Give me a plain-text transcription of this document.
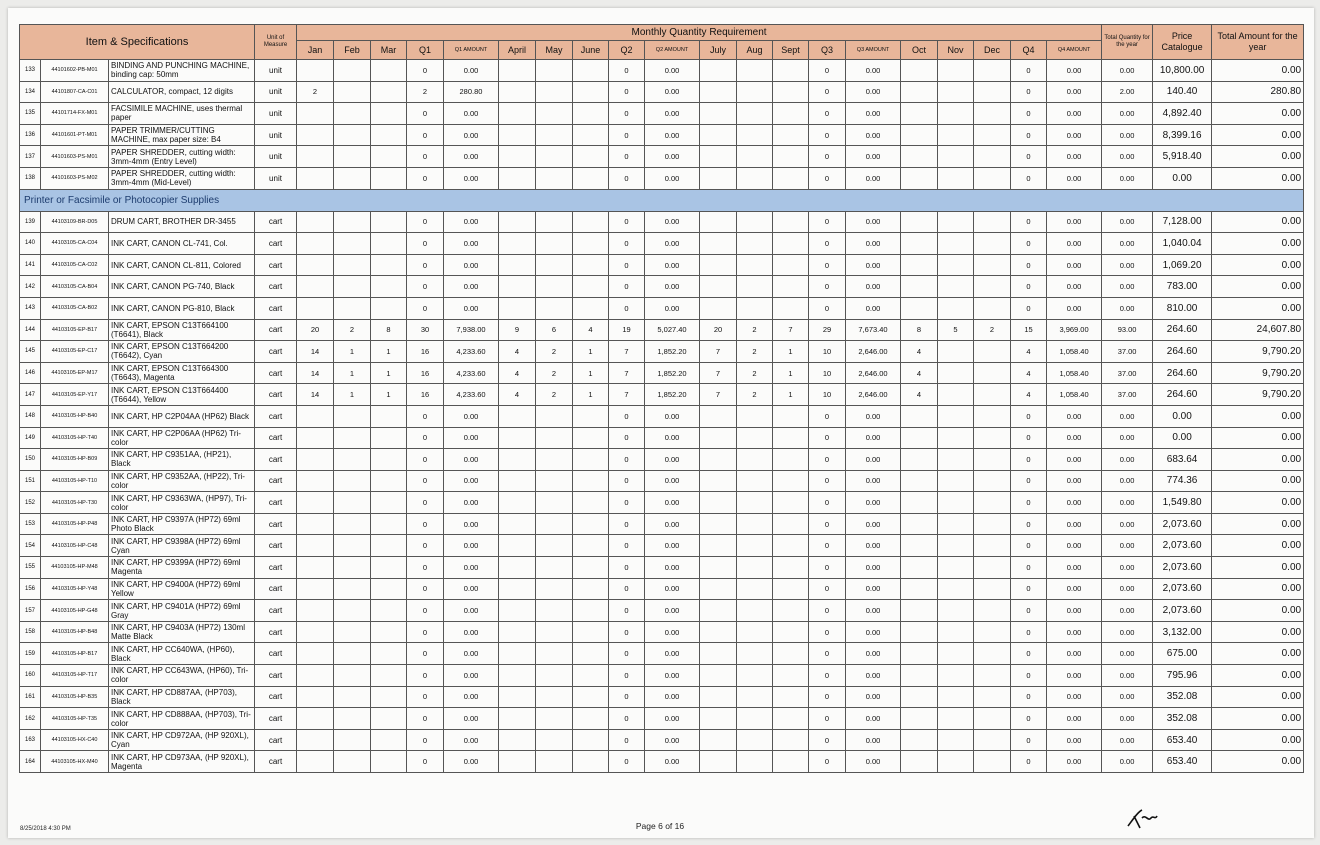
Item & Specifications			Unit of Measure	Monthly Quantity Requirement																				Total Quantity for the year	Price Catalogue	Total Amount for the year
				Jan	Feb	Mar	Q1	Q1 AMOUNT	April	May	June	Q2	Q2 AMOUNT	July	Aug	Sept	Q3	Q3 AMOUNT	Oct	Nov	Dec	Q4	Q4 AMOUNT			
133	44101602-PB-M01	BINDING AND PUNCHING MACHINE, binding cap: 50mm	unit				0	0.00				0	0.00				0	0.00				0	0.00	0.00	10,800.00	0.00
134	44101807-CA-C01	CALCULATOR, compact, 12 digits	unit	2			2	280.80				0	0.00				0	0.00				0	0.00	2.00	140.40	280.80
135	44101714-FX-M01	FACSIMILE MACHINE, uses thermal paper	unit				0	0.00				0	0.00				0	0.00				0	0.00	0.00	4,892.40	0.00
136	44101601-PT-M01	PAPER TRIMMER/CUTTING MACHINE, max paper size: B4	unit				0	0.00				0	0.00				0	0.00				0	0.00	0.00	8,399.16	0.00
137	44101603-PS-M01	PAPER SHREDDER, cutting width: 3mm-4mm (Entry Level)	unit				0	0.00				0	0.00				0	0.00				0	0.00	0.00	5,918.40	0.00
138	44101603-PS-M02	PAPER SHREDDER, cutting width: 3mm-4mm (Mid-Level)	unit				0	0.00				0	0.00				0	0.00				0	0.00	0.00	0.00	0.00
Printer or Facsimile or Photocopier Supplies																										
139	44103109-BR-D05	DRUM CART, BROTHER DR-3455	cart				0	0.00				0	0.00				0	0.00				0	0.00	0.00	7,128.00	0.00
140	44103105-CA-C04	INK CART, CANON CL-741, Col.	cart				0	0.00				0	0.00				0	0.00				0	0.00	0.00	1,040.04	0.00
141	44103105-CA-C02	INK CART, CANON CL-811, Colored	cart				0	0.00				0	0.00				0	0.00				0	0.00	0.00	1,069.20	0.00
142	44103105-CA-B04	INK CART, CANON PG-740, Black	cart				0	0.00				0	0.00				0	0.00				0	0.00	0.00	783.00	0.00
143	44103105-CA-B02	INK CART, CANON PG-810, Black	cart				0	0.00				0	0.00				0	0.00				0	0.00	0.00	810.00	0.00
144	44103105-EP-B17	INK CART, EPSON C13T664100 (T6641), Black	cart	20	2	8	30	7,938.00	9	6	4	19	5,027.40	20	2	7	29	7,673.40	8	5	2	15	3,969.00	93.00	264.60	24,607.80
145	44103105-EP-C17	INK CART, EPSON C13T664200 (T6642), Cyan	cart	14	1	1	16	4,233.60	4	2	1	7	1,852.20	7	2	1	10	2,646.00	4			4	1,058.40	37.00	264.60	9,790.20
146	44103105-EP-M17	INK CART, EPSON C13T664300 (T6643), Magenta	cart	14	1	1	16	4,233.60	4	2	1	7	1,852.20	7	2	1	10	2,646.00	4			4	1,058.40	37.00	264.60	9,790.20
147	44103105-EP-Y17	INK CART, EPSON C13T664400 (T6644), Yellow	cart	14	1	1	16	4,233.60	4	2	1	7	1,852.20	7	2	1	10	2,646.00	4			4	1,058.40	37.00	264.60	9,790.20
148	44103105-HP-B40	INK CART, HP C2P04AA (HP62) Black	cart				0	0.00				0	0.00				0	0.00				0	0.00	0.00	0.00	0.00
149	44103105-HP-T40	INK CART, HP C2P06AA (HP62) Tri-color	cart				0	0.00				0	0.00				0	0.00				0	0.00	0.00	0.00	0.00
150	44103105-HP-B09	INK CART, HP C9351AA, (HP21), Black	cart				0	0.00				0	0.00				0	0.00				0	0.00	0.00	683.64	0.00
151	44103105-HP-T10	INK CART, HP C9352AA, (HP22), Tri-color	cart				0	0.00				0	0.00				0	0.00				0	0.00	0.00	774.36	0.00
152	44103105-HP-T30	INK CART, HP C9363WA, (HP97), Tri-color	cart				0	0.00				0	0.00				0	0.00				0	0.00	0.00	1,549.80	0.00
153	44103105-HP-P48	INK CART, HP C9397A (HP72) 69ml Photo Black	cart				0	0.00				0	0.00				0	0.00				0	0.00	0.00	2,073.60	0.00
154	44103105-HP-C48	INK CART, HP C9398A (HP72) 69ml Cyan	cart				0	0.00				0	0.00				0	0.00				0	0.00	0.00	2,073.60	0.00
155	44103105-HP-M48	INK CART, HP C9399A (HP72) 69ml Magenta	cart				0	0.00				0	0.00				0	0.00				0	0.00	0.00	2,073.60	0.00
156	44103105-HP-Y48	INK CART, HP C9400A (HP72) 69ml Yellow	cart				0	0.00				0	0.00				0	0.00				0	0.00	0.00	2,073.60	0.00
157	44103105-HP-G48	INK CART, HP C9401A (HP72) 69ml Gray	cart				0	0.00				0	0.00				0	0.00				0	0.00	0.00	2,073.60	0.00
158	44103105-HP-B48	INK CART, HP C9403A (HP72) 130ml Matte Black	cart				0	0.00				0	0.00				0	0.00				0	0.00	0.00	3,132.00	0.00
159	44103105-HP-B17	INK CART, HP CC640WA, (HP60), Black	cart				0	0.00				0	0.00				0	0.00				0	0.00	0.00	675.00	0.00
160	44103105-HP-T17	INK CART, HP CC643WA, (HP60), Tri-color	cart				0	0.00				0	0.00				0	0.00				0	0.00	0.00	795.96	0.00
161	44103105-HP-B35	INK CART, HP CD887AA, (HP703), Black	cart				0	0.00				0	0.00				0	0.00				0	0.00	0.00	352.08	0.00
162	44103105-HP-T35	INK CART, HP CD888AA, (HP703), Tri-color	cart				0	0.00				0	0.00				0	0.00				0	0.00	0.00	352.08	0.00
163	44103105-HX-C40	INK CART, HP CD972AA, (HP 920XL), Cyan	cart				0	0.00				0	0.00				0	0.00				0	0.00	0.00	653.40	0.00
164	44103105-HX-M40	INK CART, HP CD973AA, (HP 920XL), Magenta	cart				0	0.00				0	0.00				0	0.00				0	0.00	0.00	653.40	0.00
8/25/2018 4:30 PM	Page 6 of 16
